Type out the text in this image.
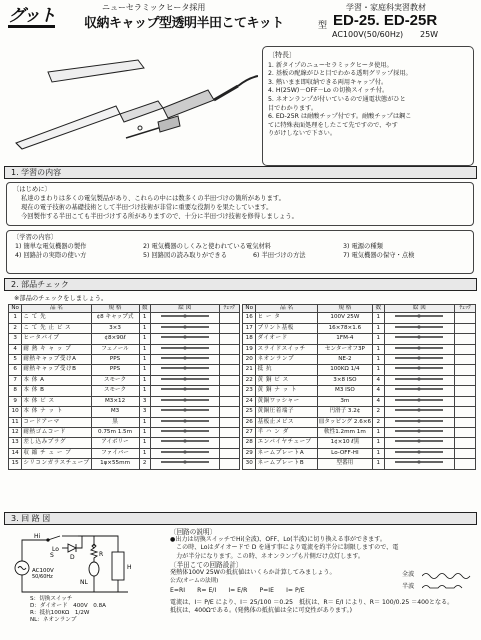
グット	ニューセラミックヒータ採用
収納キャップ型透明半田こてキット
学習・家庭科実習教材
型 ED-25. ED-25R
AC100V(50/60Hz) 25W
〔特長〕
1. 新タイプのニューセラミックヒータ使用。
2. 基板の配線がひと目でわかる透明グリップ採用。
3. 熱いまま即収納できる両用キャップ付。
4. H(25W)－OFF－Lo の切換スイッチ付。
5. ネオンランプが付いているので通電状態がひと
目でわかります。
6. ED-25R は耐酸チップ付です。耐酸チップは鋼こ
てに特殊表面処理をしたこて先ですので、やす
りがけしないで下さい。
1. 学習の内容
〔はじめに〕
私達のまわりは多くの電気製品があり、これらの中には数多くの半田づけの箇所があります。
現在の電子技術の基礎技術として半田づけ技術が非常に重要な役割りを果たしています。
今回製作する半田こても半田づけする所がありますので、十分に半田づけ技術を修得しましょう。
〔学習の内容〕
1) 簡単な電気機器の製作	2) 電気機器のしくみと使われている電気材料	3) 電源の種類
4) 回路計の実際の使い方	5) 回路図の読み取りができる	6) 半田づけの方法	7) 電気機器の保守・点検
2. 部品チェック
※部品のチェックをしましょう。
No	品 名	規 格	数	絵 図	ﾁｪｯｸ
1	こ て 先	¢8 キャップ式	1		
2	こ て 先 止 ビ ス	3×3	1		
3	ヒータパイプ	¢8×90ℓ	1		
4	耐 熱 キ ャ ッ プ	フェノール	1		
5	耐熱キャップ受けA	PPS	1		
6	耐熱キャップ受けB	PPS	1		
7	本 体 A	スモーク	1		
8	本 体 B	スモーク	1		
9	本 体 ビ ス	M3×12	3		
10	本 体 ナ ッ ト	M3	3		
11	コードアーマ	黒	1		
12	耐熱ゴムコード	0.75m 1.5m	1		
13	差し込みプラグ	アイボリー	1		
14	収 縮 チ ュ ー ブ	ファイバー	1		
15	シリコンガラスチューブ	1φ×55mm	2		
No	品 名	規 格	数	絵 図	ﾁｪｯｸ
16	ヒ ー タ	100V 25W	1		
17	プリント基板	16×78×1.6	1		
18	ダイオード	1FM-4	1		
19	スライドスイッチ	センターオフ3P	1		
20	ネオンランプ	NE-2	1		
21	抵 抗	100KΩ 1/4	1		
22	黄 銅 ビ ス	3×8 ISO	4		
23	黄 銅 ナ ッ ト	M3 ISO	4		
24	黄銅ワッシャー	3m	4		
25	黄銅圧着端子	円滑子 3.2¢	2		
26	基板止メビス	皿タッピング 2.6×6	2		
27	半 ハ ン ダ	軟性1.2mm 1m	1		
28	エンパイヤチューブ	1¢×10 ℓ黒	1		
29	ネームプレートA	Lo-OFF-HI	1		
30	ネームプレートB	型番用	1		
3. 回 路 図
Hi
Lo
S	D	R
NL
H
AC100V
50/60Hz
S：切換スイッチ
D：ダイオード　400V　0.8A
R：抵抗100KΩ　1/2W
NL：ネオンランプ
〔回路の説明〕
●出力は切換スイッチでHi(全波)、OFF、Lo(半波)に切り換える事ができます。
　この時、Loはダイオードで D を通す事により電流を約半分に制限しますので、電
　力が半分になります。この時、ネオンランプも片側だけ点灯します。
〔半田こての回路設計〕
発熱体100V 25Wの抵抗値はいくらか計算してみましょう。
公式(オームの法則)
E=RI　　R= E/I　　I= E/R　　P=IE　　I= P/E
全波
半波
電流は、I＝ P/E により、I＝ 25/100 ＝0.25　抵抗は、R＝ E/I により、R＝ 100/0.25 ＝400となる。
抵抗は、400Ωである。(発熱体の抵抗値は全に可変性があります。)
